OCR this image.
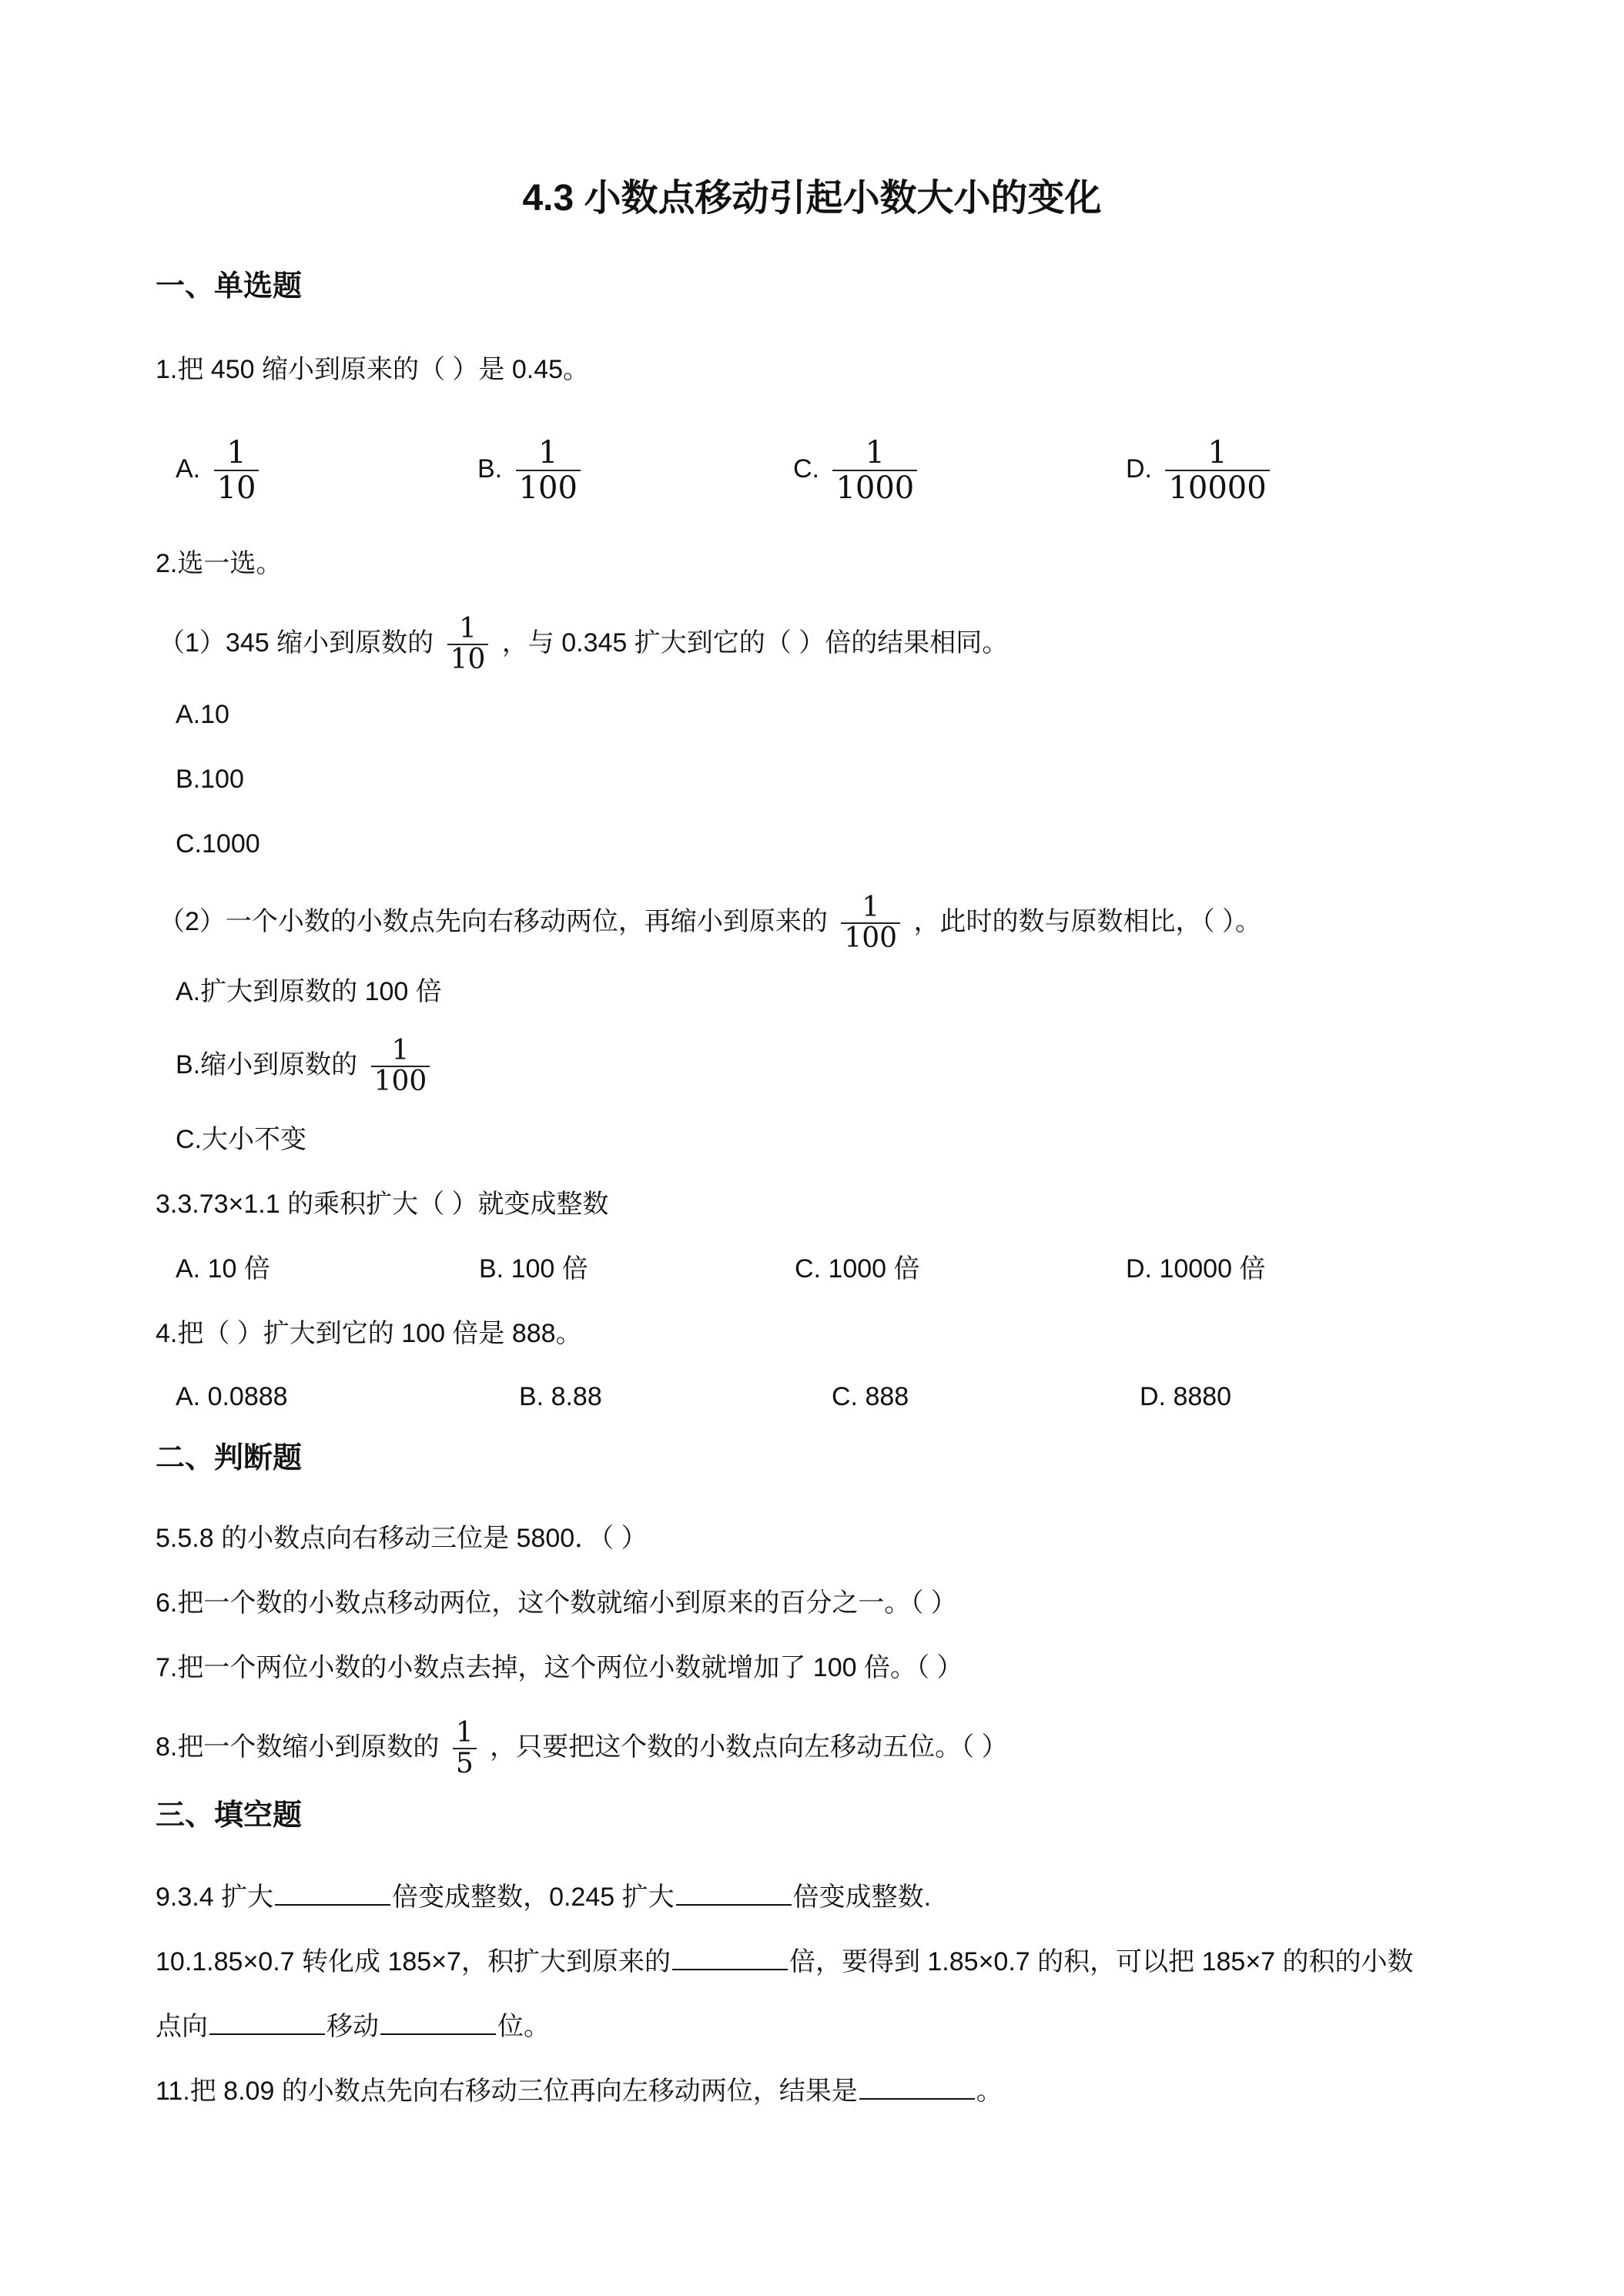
4.3 小数点移动引起小数大小的变化
一、单选题
1.把 450 缩小到原来的（ ）是 0.45。
A. $\frac{1}{10}$	B. $\frac{1}{100}$	C. $\frac{1}{1000}$	D. $\frac{1}{10000}$
2.选一选。
（1）345 缩小到原数的 $\frac{1}{10}$ ，与 0.345 扩大到它的（ ）倍的结果相同。
A.10
B.100
C.1000
（2）一个小数的小数点先向右移动两位，再缩小到原来的 $\frac{1}{100}$ ，此时的数与原数相比，（ ）。
A.扩大到原数的 100 倍
B.缩小到原数的 $\frac{1}{100}$
C.大小不变
3.3.73×1.1 的乘积扩大（ ）就变成整数
A. 10 倍	B. 100 倍	C. 1000 倍	D. 10000 倍
4.把（ ）扩大到它的 100 倍是 888。
A. 0.0888	B. 8.88	C. 888	D. 8880
二、判断题
5.5.8 的小数点向右移动三位是 5800．（ ）
6.把一个数的小数点移动两位，这个数就缩小到原来的百分之一。（ ）
7.把一个两位小数的小数点去掉，这个两位小数就增加了 100 倍。（ ）
8.把一个数缩小到原数的 $\frac{1}{5}$ ，只要把这个数的小数点向左移动五位。（ ）
三、填空题
9.3.4 扩大	倍变成整数，0.245 扩大	倍变成整数.
10.1.85×0.7 转化成 185×7，积扩大到原来的	倍，要得到 1.85×0.7 的积，可以把 185×7 的积的小数
点向	移动	位。
11.把 8.09 的小数点先向右移动三位再向左移动两位，结果是	。
